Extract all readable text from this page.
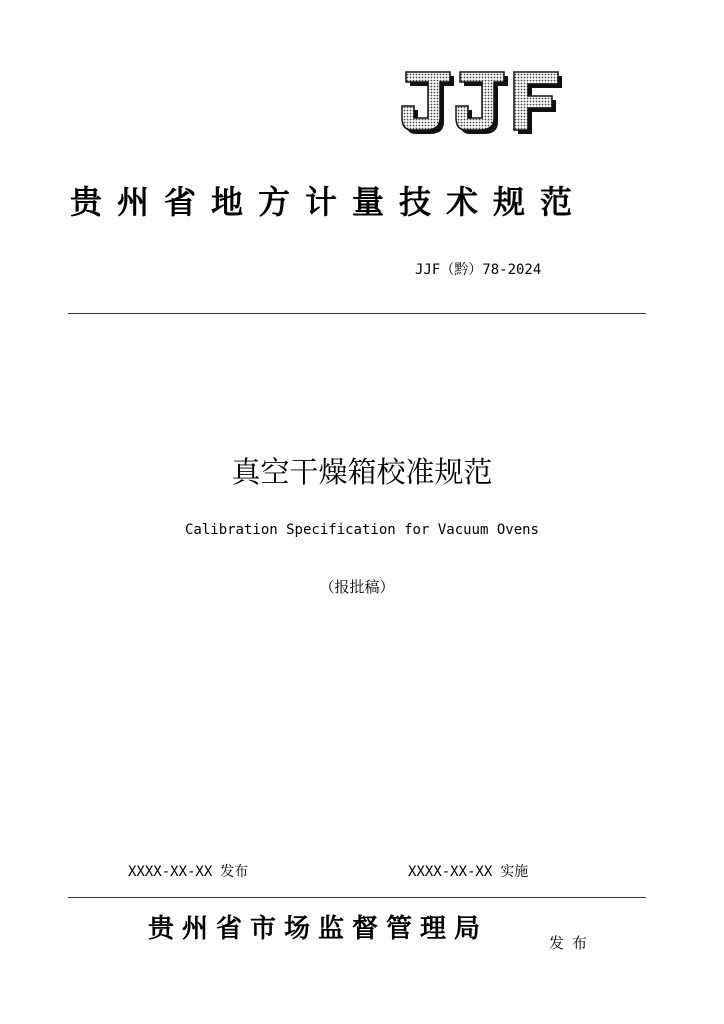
贵州省地方计量技术规范
JJF（黔）78-2024
真空干燥箱校准规范
Calibration Specification for Vacuum Ovens
（报批稿）
XXXX-XX-XX 发布	XXXX-XX-XX 实施
贵州省市场监督管理局	发布
